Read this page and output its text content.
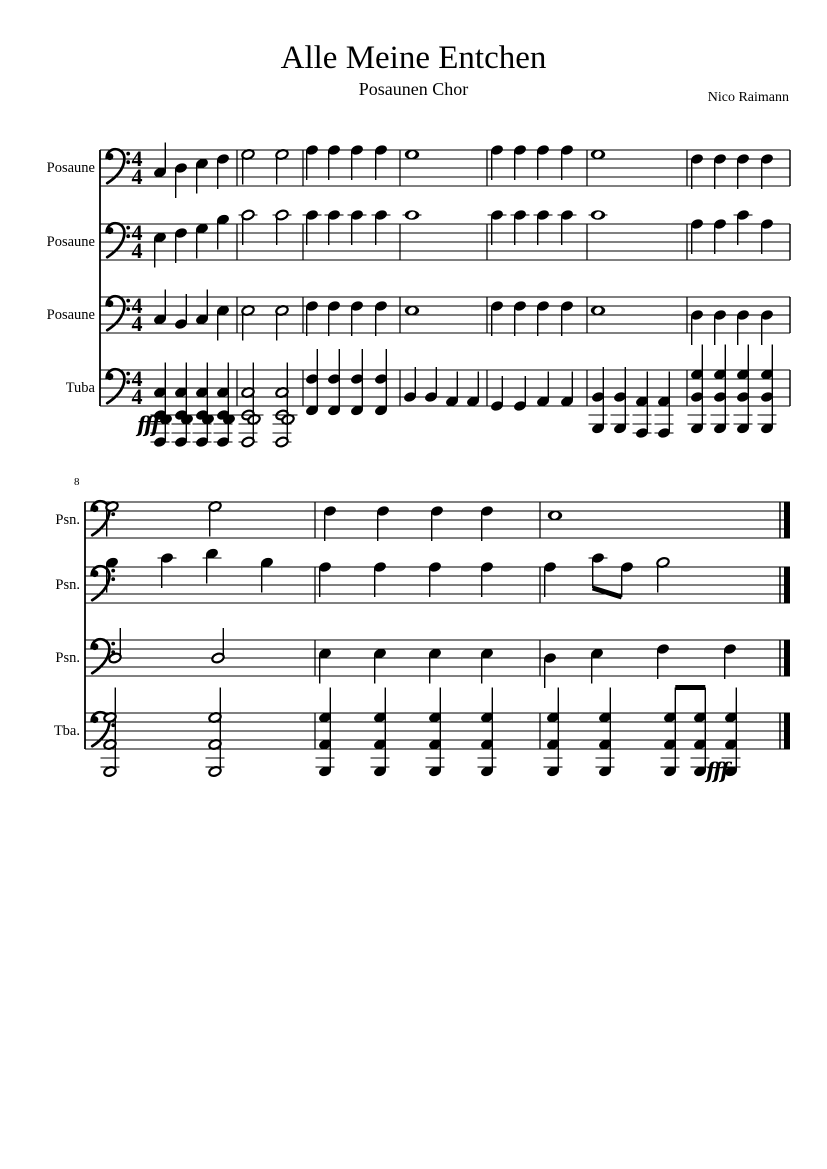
Alle Meine Entchen
Posaunen Chor	Nico Raimann
4
4
4
4
4
4
4
4
Posaune
Posaune
Posaune
Tuba
Psn.
Psn.
Psn.
Tba.
8
fff
fff
